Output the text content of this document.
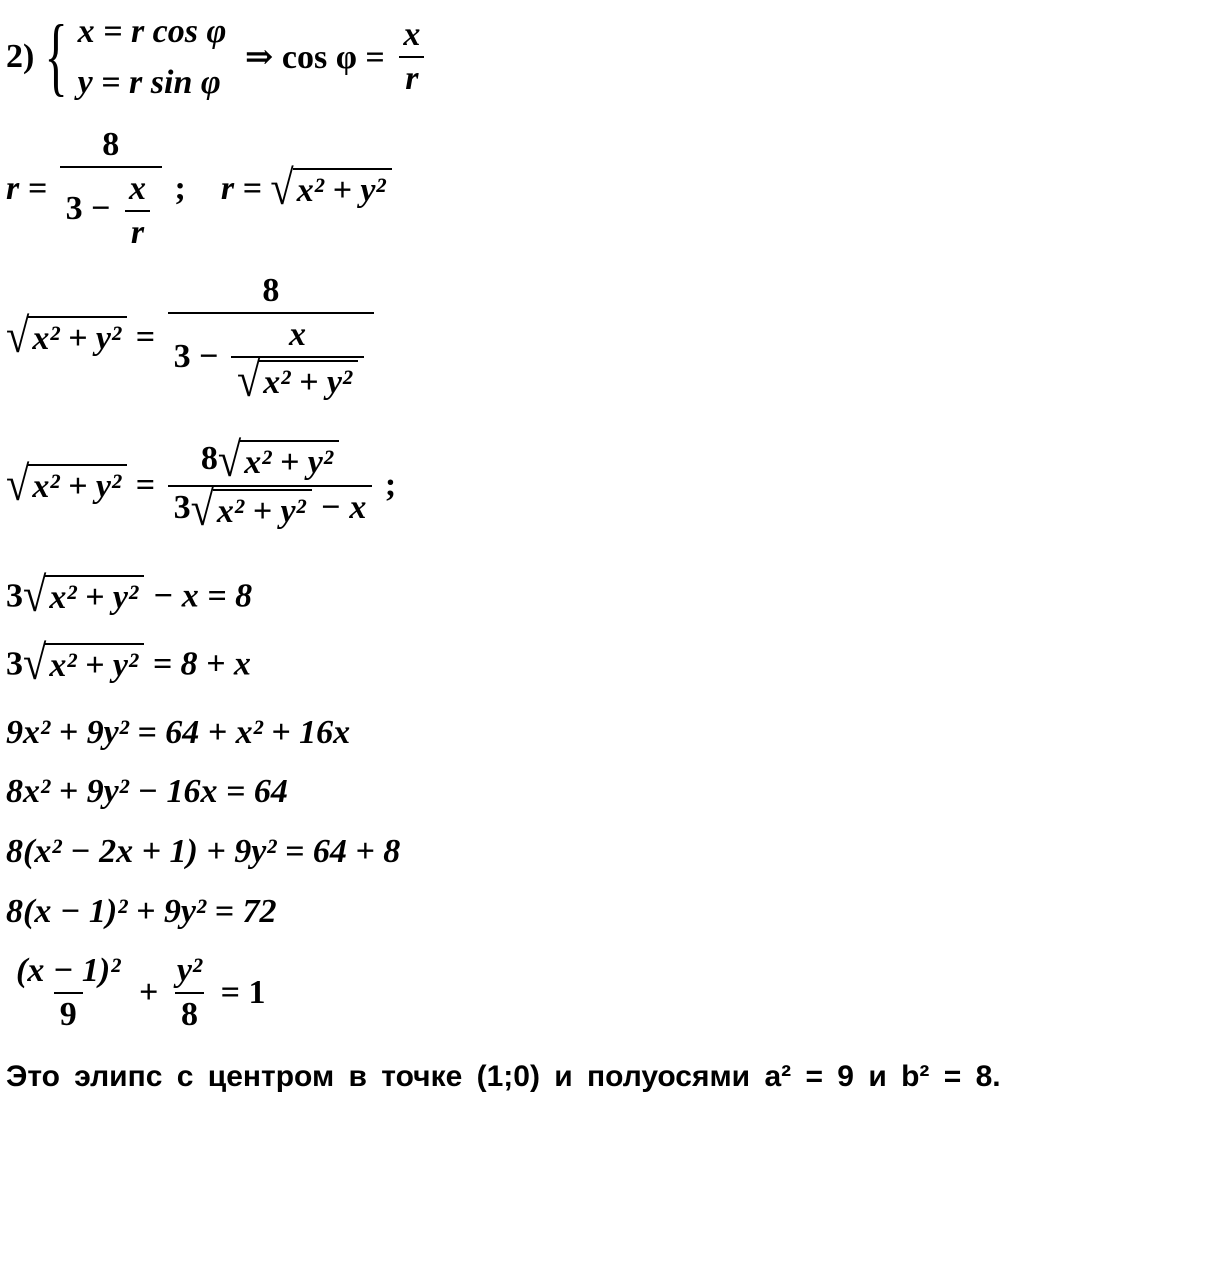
2) { x = r cos φ
y = r sin φ
⇒ $\cos \varphi = \frac{x}{r}$
$r = \frac{8}{3 - \frac{x}{r}}$ ; r = √ x² + y²
√ x² + y² =
8
$3 - \frac{x}{\text{√ x² + y²}}$
√ $x^2 + y^2 = \frac{\text{8 √ x² + y²}}{\text{3 √ x² + y² − x}}$ ;
3 √ x² + y² − x = 8
3 √ x² + y² = 8 + x
9x² + 9y² = 64 + x² + 16x
8x² + 9y² − 16x = 64
8(x² − 2x + 1) + 9y² = 64 + 8
8(x − 1)² + 9y² = 72
$\frac{\text{(x − 1)²}}{9} + \frac{\text{y²}}{8} = 1$
Это элипс с центром в точке (1;0) и полуосями a² = 9 и b² = 8.
